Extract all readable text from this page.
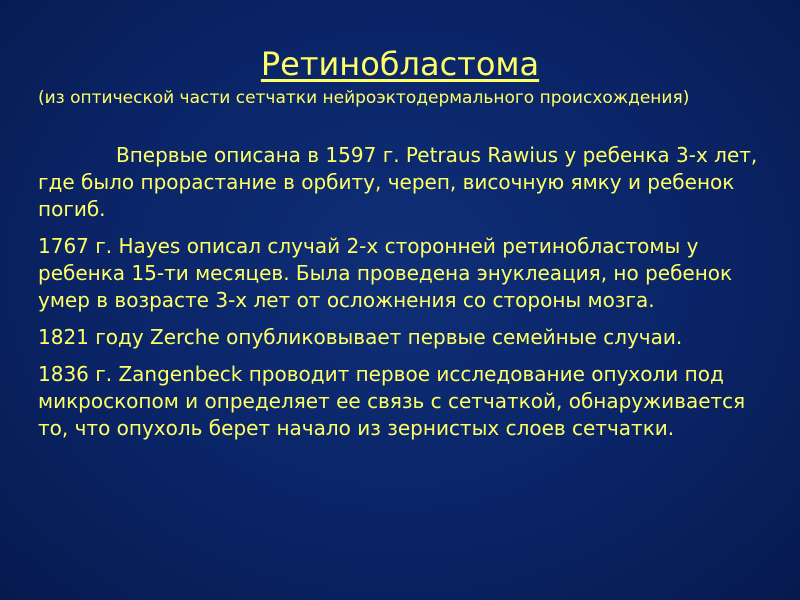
Ретинобластома
(из оптической части сетчатки нейроэктодермального происхождения)

Впервые описана в 1597 г. Petraus Rawius у ребенка 3-х лет, где было прорастание в орбиту, череп, височную ямку и ребенок погиб.

1767 г. Hayes описал случай 2-х сторонней ретинобластомы у ребенка 15-ти месяцев. Была проведена энуклеация, но ребенок умер в возрасте 3-х лет от осложнения со стороны мозга.

1821 году Zerche опубликовывает первые семейные случаи.

1836 г. Zangenbeck проводит первое исследование опухоли под микроскопом и определяет ее связь с сетчаткой, обнаруживается то, что опухоль берет начало из зернистых слоев сетчатки.
